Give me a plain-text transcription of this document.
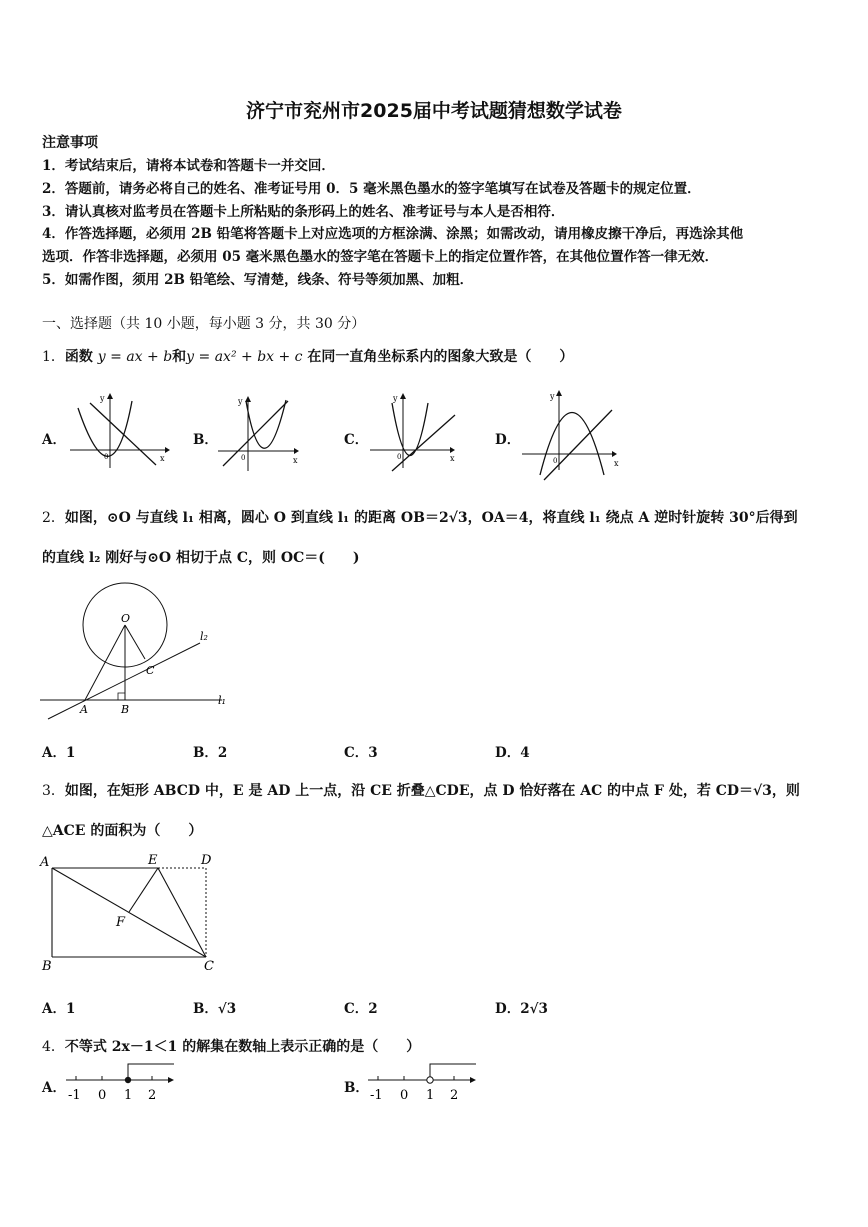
济宁市兖州市2025届中考试题猜想数学试卷
注意事项
1．考试结束后，请将本试卷和答题卡一并交回．
2．答题前，请务必将自己的姓名、准考证号用 0．5 毫米黑色墨水的签字笔填写在试卷及答题卡的规定位置．
3．请认真核对监考员在答题卡上所粘贴的条形码上的姓名、准考证号与本人是否相符．
4．作答选择题，必须用 2B 铅笔将答题卡上对应选项的方框涂满、涂黑；如需改动，请用橡皮擦干净后，再选涂其他
选项．作答非选择题，必须用 05 毫米黑色墨水的签字笔在答题卡上的指定位置作答，在其他位置作答一律无效．
5．如需作图，须用 2B 铅笔绘、写清楚，线条、符号等须加黑、加粗．
一、选择题（共 10 小题，每小题 3 分，共 30 分）
1．函数 y = ax + b和y = ax² + bx + c 在同一直角坐标系内的图象大致是（　　）
A．	B．	C．	D．
x
y
0	x
y
0	x
y
0
x
y
0
2．如图，⊙O 与直线 l₁ 相离，圆心 O 到直线 l₁ 的距离 OB＝2√3，OA＝4，将直线 l₁ 绕点 A 逆时针旋转 30°后得到
的直线 l₂ 刚好与⊙O 相切于点 C，则 OC＝(　　)
O
A	B
C
l₂
l₁
A．1	B．2	C．3	D．4
3．如图，在矩形 ABCD 中，E 是 AD 上一点，沿 CE 折叠△CDE，点 D 恰好落在 AC 的中点 F 处，若 CD＝√3，则
△ACE 的面积为（　　）
A	E	D
F
B	C
A．1	B．√3	C．2	D．2√3
4．不等式 2x－1＜1 的解集在数轴上表示正确的是（　　）
A． -1 0 1 2	B． -1 0 1 2
